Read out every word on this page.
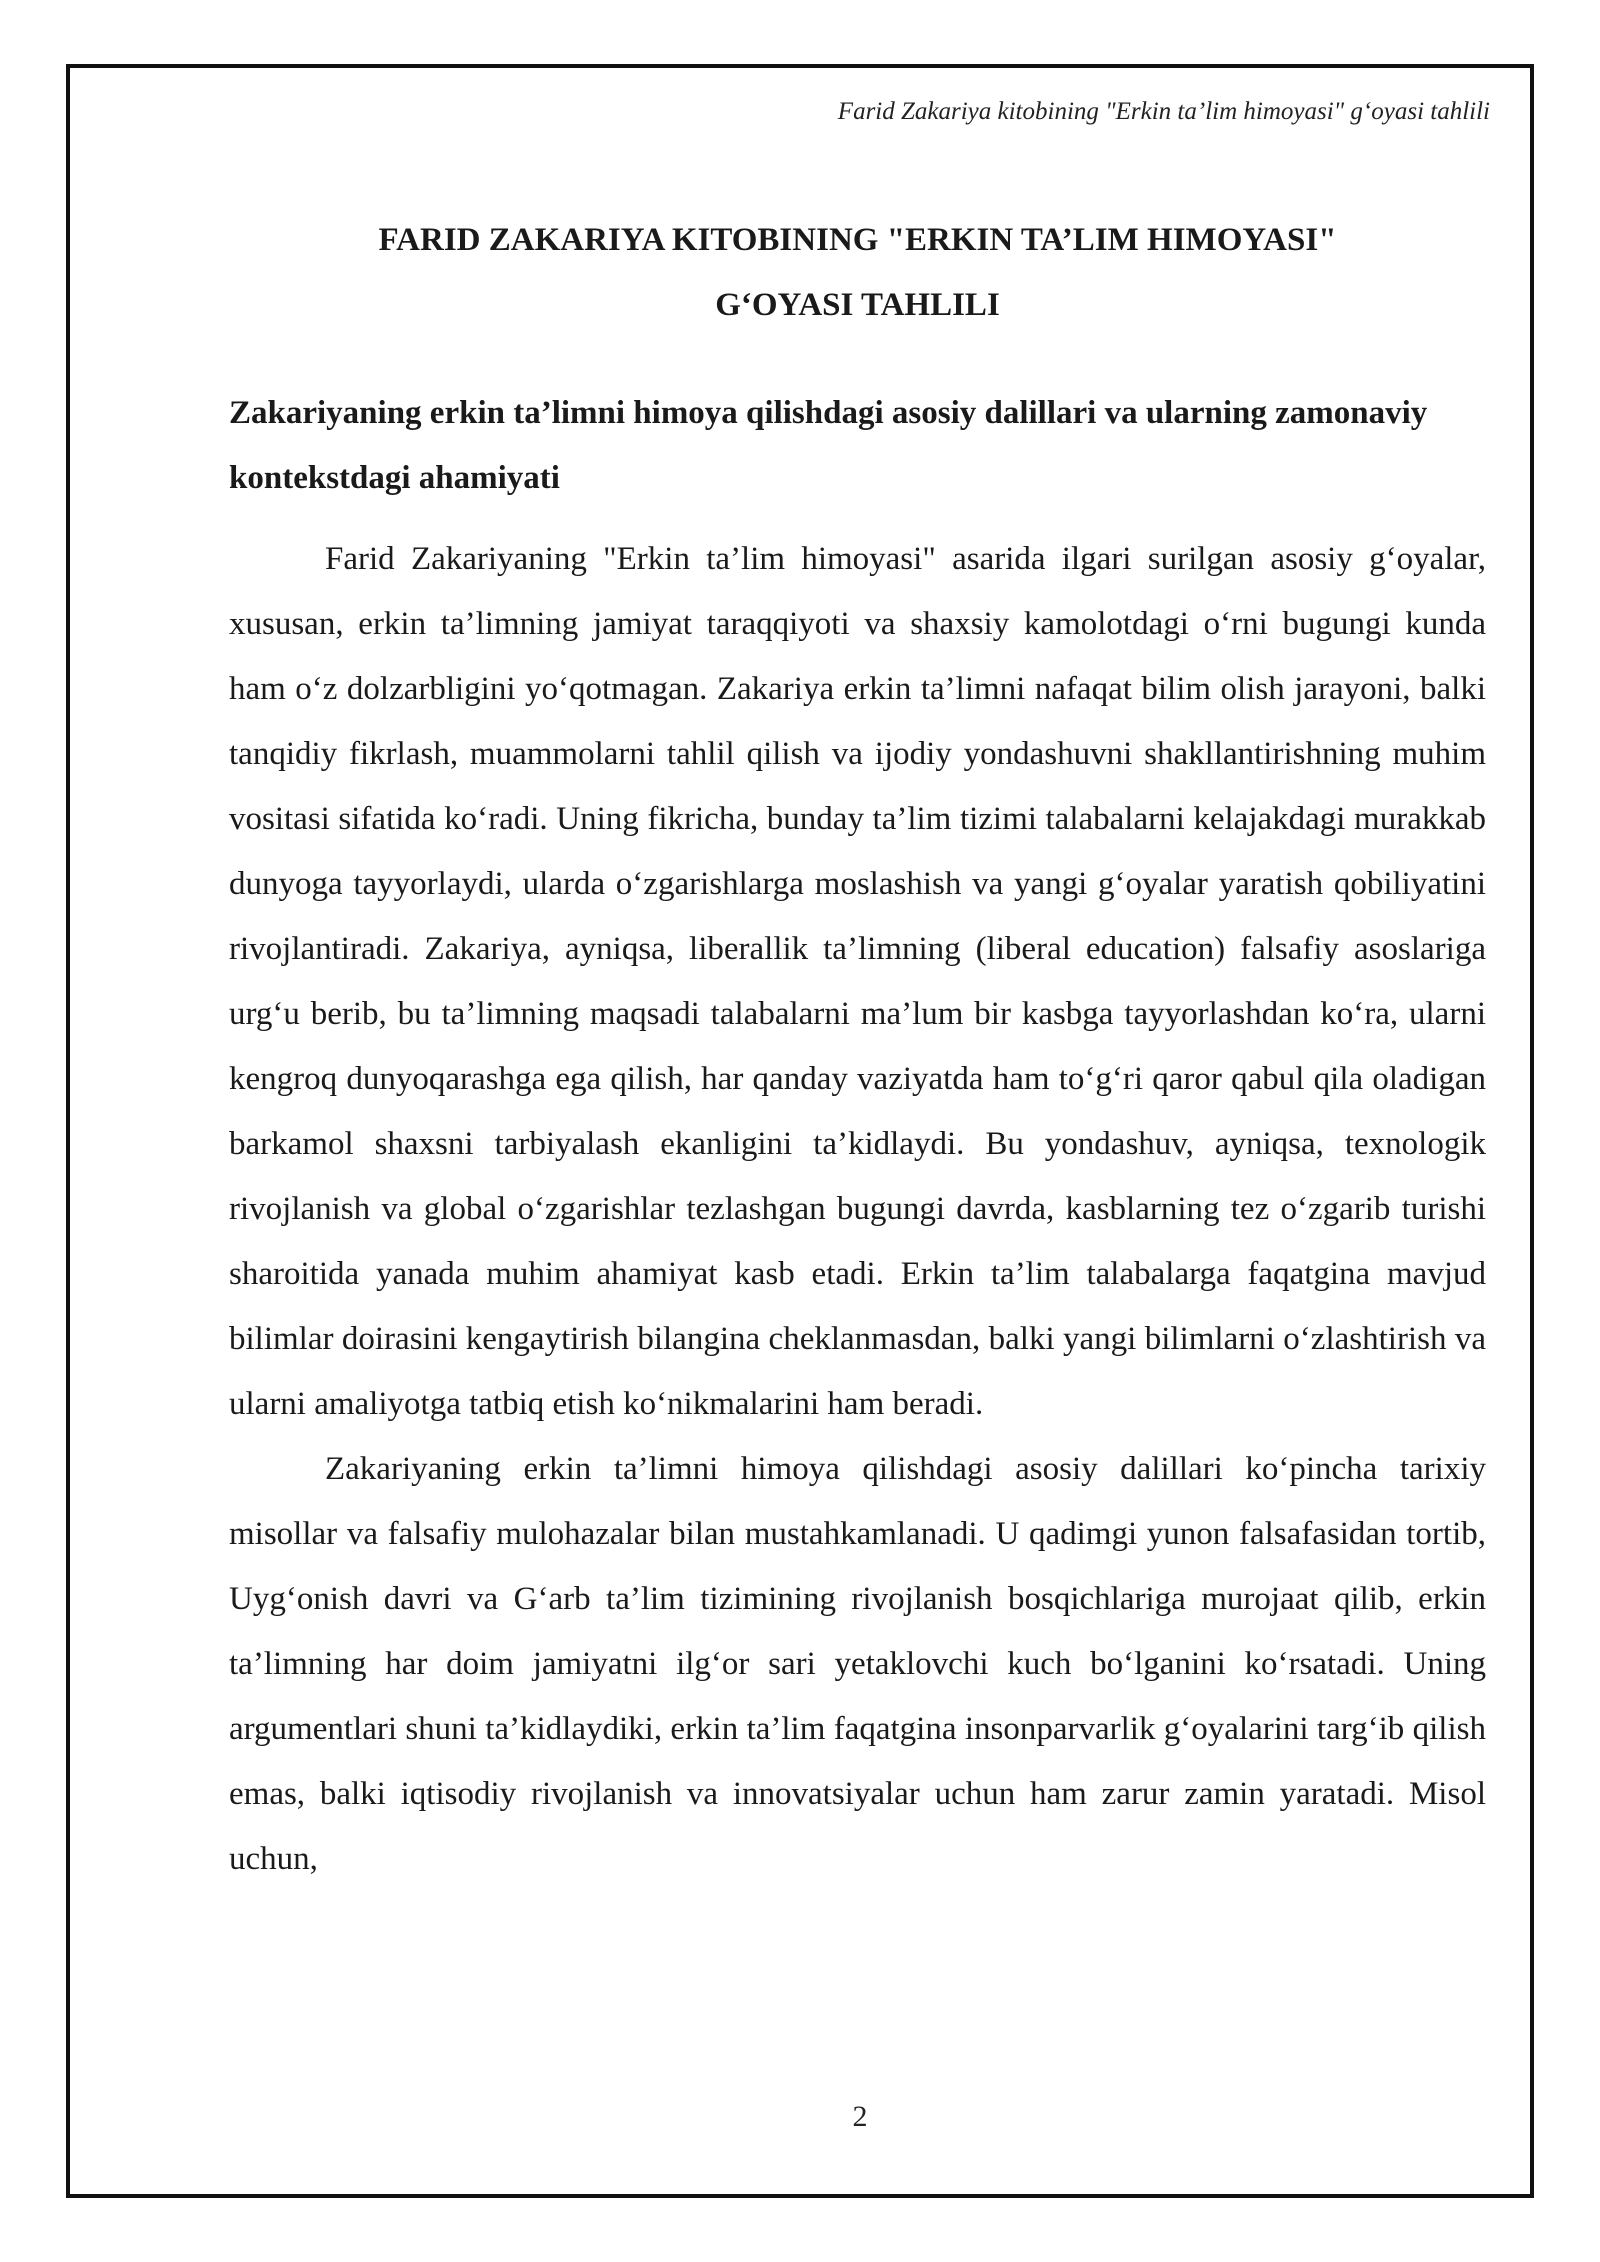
Farid Zakariya kitobining "Erkin ta’lim himoyasi" g‘oyasi tahlili
FARID ZAKARIYA KITOBINING "ERKIN TA’LIM HIMOYASI"
G‘OYASI TAHLILI
Zakariyaning erkin ta’limni himoya qilishdagi asosiy dalillari va ularning zamonaviy kontekstdagi ahamiyati

Farid Zakariyaning "Erkin ta’lim himoyasi" asarida ilgari surilgan asosiy g‘oyalar, xususan, erkin ta’limning jamiyat taraqqiyoti va shaxsiy kamolotdagi o‘rni bugungi kunda ham o‘z dolzarbligini yo‘qotmagan. Zakariya erkin ta’limni nafaqat bilim olish jarayoni, balki tanqidiy fikrlash, muammolarni tahlil qilish va ijodiy yondashuvni shakllantirishning muhim vositasi sifatida ko‘radi. Uning fikricha, bunday ta’lim tizimi talabalarni kelajakdagi murakkab dunyoga tayyorlaydi, ularda o‘zgarishlarga moslashish va yangi g‘oyalar yaratish qobiliyatini rivojlantiradi. Zakariya, ayniqsa, liberallik ta’limning (liberal education) falsafiy asoslariga urg‘u berib, bu ta’limning maqsadi talabalarni ma’lum bir kasbga tayyorlashdan ko‘ra, ularni kengroq dunyoqarashga ega qilish, har qanday vaziyatda ham to‘g‘ri qaror qabul qila oladigan barkamol shaxsni tarbiyalash ekanligini ta’kidlaydi. Bu yondashuv, ayniqsa, texnologik rivojlanish va global o‘zgarishlar tezlashgan bugungi davrda, kasblarning tez o‘zgarib turishi sharoitida yanada muhim ahamiyat kasb etadi. Erkin ta’lim talabalarga faqatgina mavjud bilimlar doirasini kengaytirish bilangina cheklanmasdan, balki yangi bilimlarni o‘zlashtirish va ularni amaliyotga tatbiq etish ko‘nikmalarini ham beradi.

Zakariyaning erkin ta’limni himoya qilishdagi asosiy dalillari ko‘pincha tarixiy misollar va falsafiy mulohazalar bilan mustahkamlanadi. U qadimgi yunon falsafasidan tortib, Uyg‘onish davri va G‘arb ta’lim tizimining rivojlanish bosqichlariga murojaat qilib, erkin ta’limning har doim jamiyatni ilg‘or sari yetaklovchi kuch bo‘lganini ko‘rsatadi. Uning argumentlari shuni ta’kidlaydiki, erkin ta’lim faqatgina insonparvarlik g‘oyalarini targ‘ib qilish emas, balki iqtisodiy rivojlanish va innovatsiyalar uchun ham zarur zamin yaratadi. Misol uchun,

2
